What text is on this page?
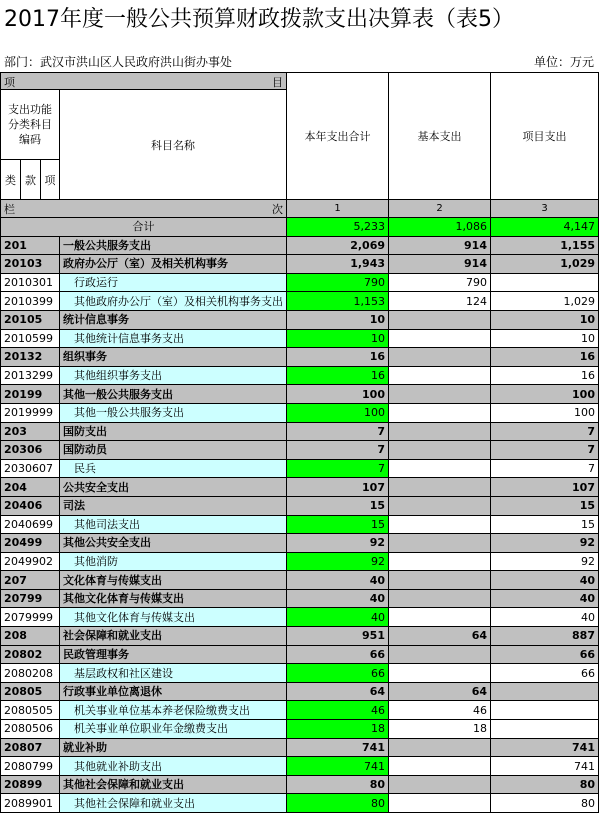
2017年度一般公共预算财政拨款支出决算表（表5）
部门：武汉市洪山区人民政府洪山街办事处	单位：万元
项 目				本年支出合计	基本支出	项目支出
支出功能分类科目编码			科目名称			
类	款	项				

栏 次				1	2	3
合计				5,233	1,086	4,147
201			一般公共服务支出	2,069	914	1,155
20103			政府办公厅（室）及相关机构事务	1,943	914	1,029
2010301			行政运行	790	790	
2010399			其他政府办公厅（室）及相关机构事务支出	1,153	124	1,029
20105			统计信息事务	10		10
2010599			其他统计信息事务支出	10		10
20132			组织事务	16		16
2013299			其他组织事务支出	16		16
20199			其他一般公共服务支出	100		100
2019999			其他一般公共服务支出	100		100
203			国防支出	7		7
20306			国防动员	7		7
2030607			民兵	7		7
204			公共安全支出	107		107
20406			司法	15		15
2040699			其他司法支出	15		15
20499			其他公共安全支出	92		92
2049902			其他消防	92		92
207			文化体育与传媒支出	40		40
20799			其他文化体育与传媒支出	40		40
2079999			其他文化体育与传媒支出	40		40
208			社会保障和就业支出	951	64	887
20802			民政管理事务	66		66
2080208			基层政权和社区建设	66		66
20805			行政事业单位离退休	64	64	
2080505			机关事业单位基本养老保险缴费支出	46	46	
2080506			机关事业单位职业年金缴费支出	18	18	
20807			就业补助	741		741
2080799			其他就业补助支出	741		741
20899			其他社会保障和就业支出	80		80
2089901			其他社会保障和就业支出	80		80
